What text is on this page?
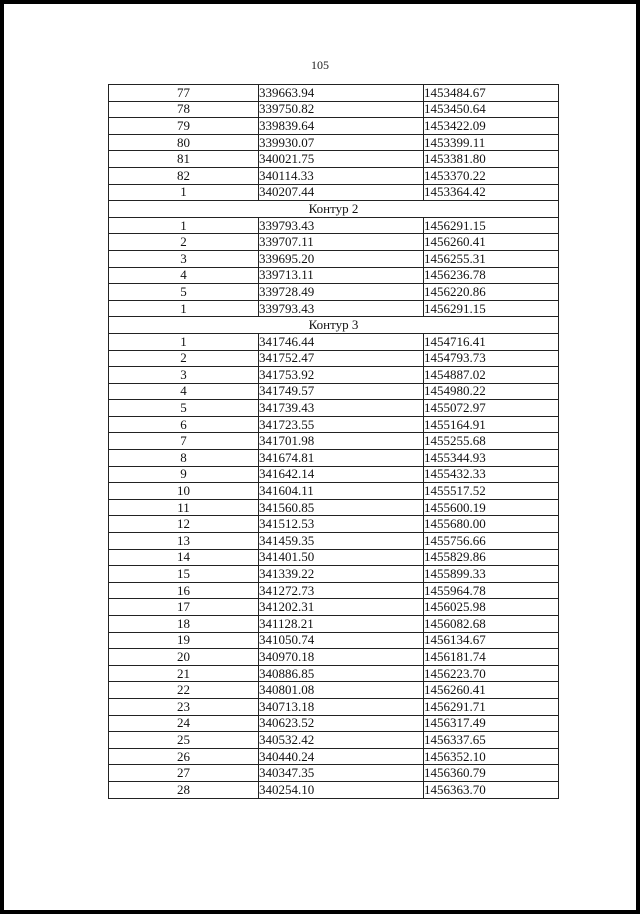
105
77	339663.94	1453484.67
78	339750.82	1453450.64
79	339839.64	1453422.09
80	339930.07	1453399.11
81	340021.75	1453381.80
82	340114.33	1453370.22
1	340207.44	1453364.42
Контур 2		
1	339793.43	1456291.15
2	339707.11	1456260.41
3	339695.20	1456255.31
4	339713.11	1456236.78
5	339728.49	1456220.86
1	339793.43	1456291.15
Контур 3		
1	341746.44	1454716.41
2	341752.47	1454793.73
3	341753.92	1454887.02
4	341749.57	1454980.22
5	341739.43	1455072.97
6	341723.55	1455164.91
7	341701.98	1455255.68
8	341674.81	1455344.93
9	341642.14	1455432.33
10	341604.11	1455517.52
11	341560.85	1455600.19
12	341512.53	1455680.00
13	341459.35	1455756.66
14	341401.50	1455829.86
15	341339.22	1455899.33
16	341272.73	1455964.78
17	341202.31	1456025.98
18	341128.21	1456082.68
19	341050.74	1456134.67
20	340970.18	1456181.74
21	340886.85	1456223.70
22	340801.08	1456260.41
23	340713.18	1456291.71
24	340623.52	1456317.49
25	340532.42	1456337.65
26	340440.24	1456352.10
27	340347.35	1456360.79
28	340254.10	1456363.70
